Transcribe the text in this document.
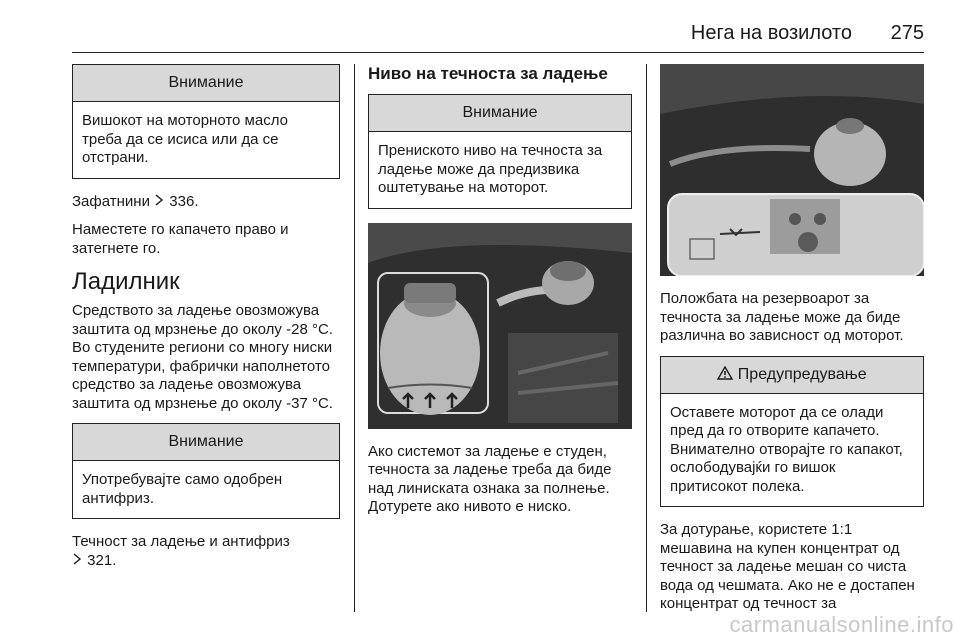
Нега на возилото 275
Внимание

Вишокот на моторното масло треба да се исиса или да се отстрани.

Зафатнини 336.

Наместете го капачето право и затегнете го.

Ладилник

Средството за ладење овозможува заштита од мрзнење до околу -28 °C. Во студените региони со многу ниски температури, фабрички наполнетото средство за ладење овозможува заштита од мрзнење до околу -37 °C.

Внимание

Употребувајте само одобрен антифриз.

Течност за ладење и антифриз
321.

Ниво на течноста за ладење
Внимание

Прениското ниво на течноста за ладење може да предизвика оштетување на моторот.

Ако системот за ладење е студен, течноста за ладење треба да биде над линиската ознака за полнење. Дотурете ако нивото е ниско.

Положбата на резервоарот за течноста за ладење може да биде различна во зависност од моторот.

Предупредување

Оставете моторот да се олади пред да го отворите капачето. Внимателно отворајте го капакот, ослободувајќи го вишок притисокот полека.

За дотурање, користете 1:1 мешавина на купен концентрат од течност за ладење мешан со чиста вода од чешмата. Ако не е достапен концентрат од течност за

carmanualsonline.info
